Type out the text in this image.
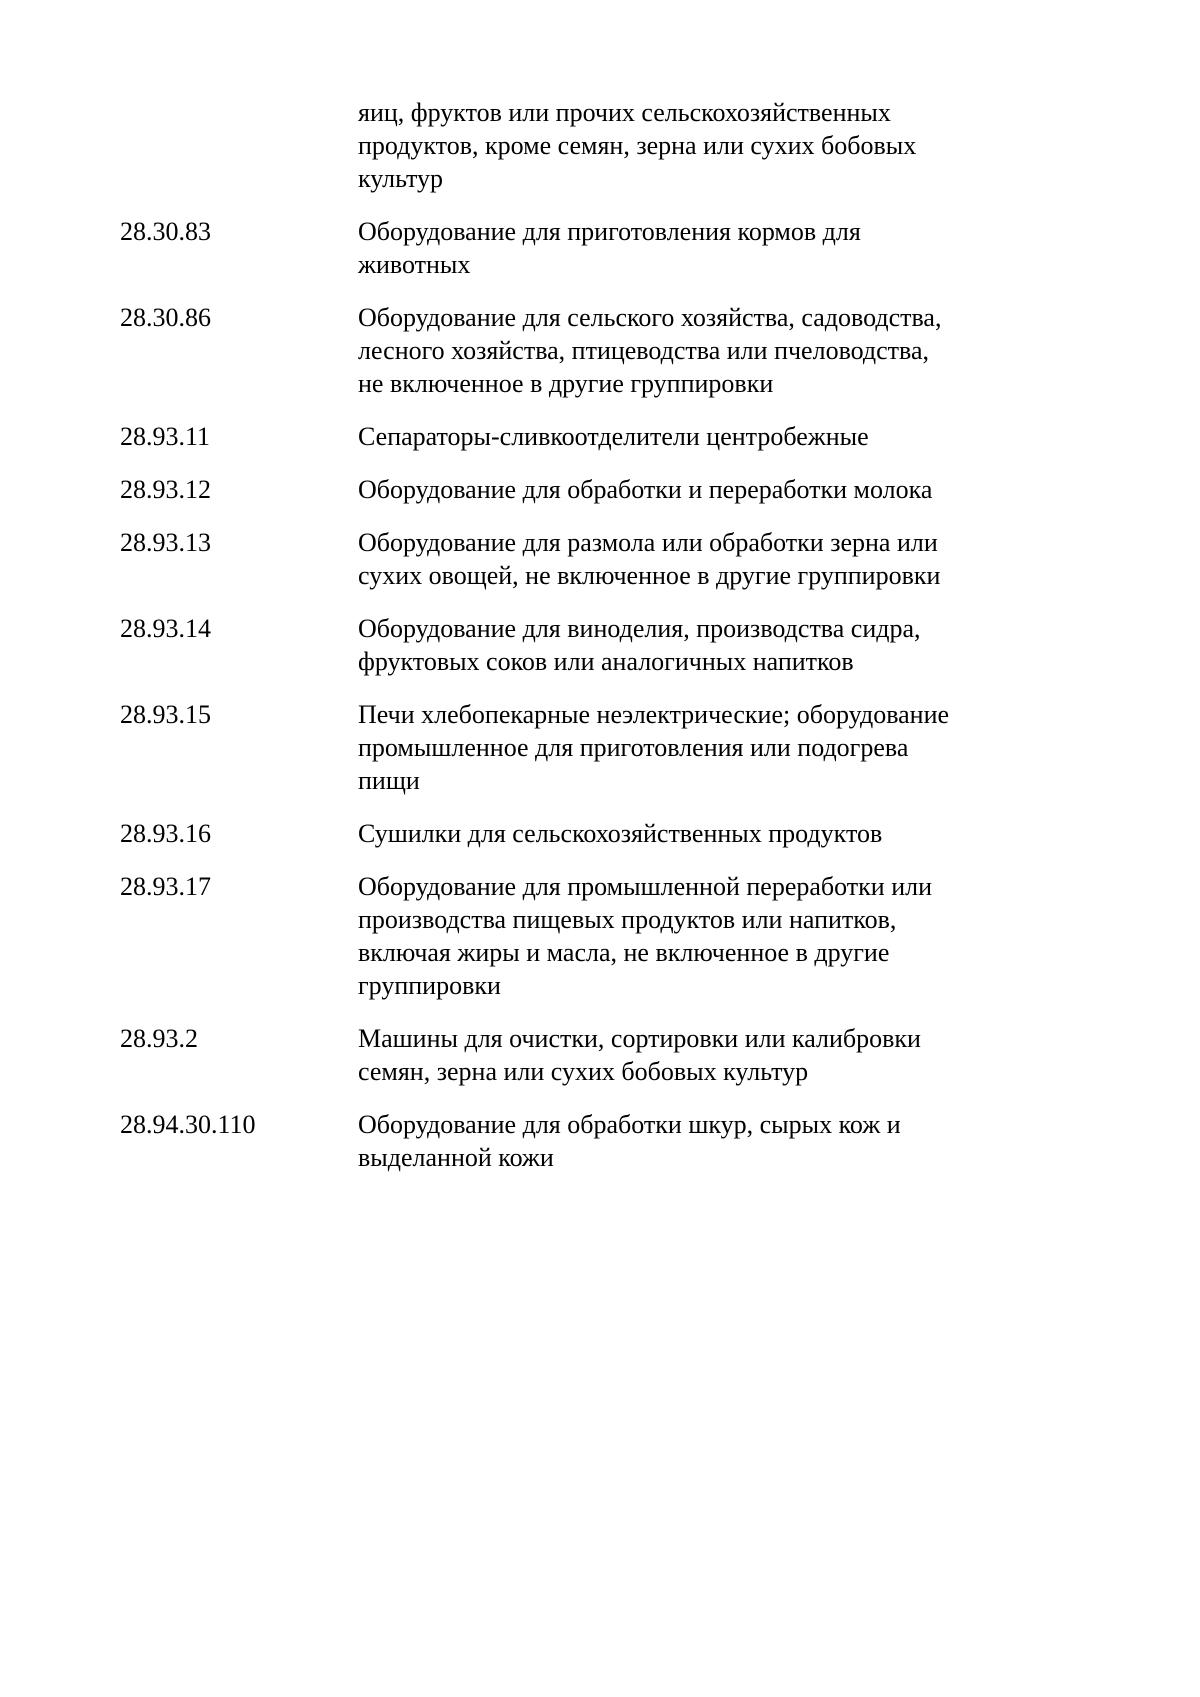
яиц, фруктов или прочих сельскохозяйственных
продуктов, кроме семян, зерна или сухих бобовых
культур
28.30.83	Оборудование для приготовления кормов для
животных
28.30.86	Оборудование для сельского хозяйства, садоводства,
лесного хозяйства, птицеводства или пчеловодства,
не включенное в другие группировки
28.93.11	Сепараторы-сливкоотделители центробежные
28.93.12	Оборудование для обработки и переработки молока
28.93.13	Оборудование для размола или обработки зерна или
сухих овощей, не включенное в другие группировки
28.93.14	Оборудование для виноделия, производства сидра,
фруктовых соков или аналогичных напитков
28.93.15	Печи хлебопекарные неэлектрические; оборудование
промышленное для приготовления или подогрева
пищи
28.93.16	Сушилки для сельскохозяйственных продуктов
28.93.17	Оборудование для промышленной переработки или
производства пищевых продуктов или напитков,
включая жиры и масла, не включенное в другие
группировки
28.93.2	Машины для очистки, сортировки или калибровки
семян, зерна или сухих бобовых культур
28.94.30.110	Оборудование для обработки шкур, сырых кож и
выделанной кожи
